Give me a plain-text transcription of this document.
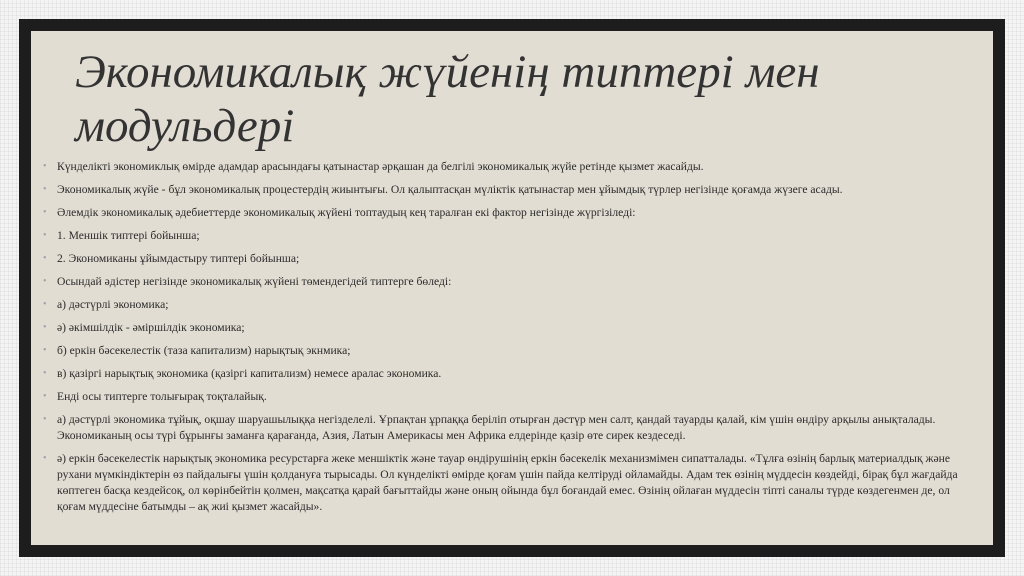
Экономикалық жүйенің типтері мен модульдері
• Күнделікті экономиклық өмірде адамдар арасындағы қатынастар әрқашан да белгілі экономикалық жүйе ретінде қызмет жасайды.
• Экономикалық жүйе - бұл экономикалық процестердің жиынтығы. Ол қалыптасқан мүліктік қатынастар мен ұйымдық түрлер негізінде қоғамда жүзеге асады.
• Әлемдік экономикалық әдебиеттерде экономикалық жүйені топтаудың кең таралған екі фактор негізінде жүргізіледі:
• 1. Меншік типтері бойынша;
• 2. Экономиканы ұйымдастыру типтері бойынша;
• Осындай әдістер негізінде экономикалық жүйені төмендегідей типтерге бөледі:
• а) дәстүрлі экономика;
• ә) әкімшілдік - әміршілдік экономика;
• б) еркін бәсекелестік (таза капитализм) нарықтық экнмика;
• в) қазіргі нарықтық экономика (қазіргі капитализм) немесе аралас экономика.
• Енді осы типтерге толығырақ тоқталайық.
• а) дәстүрлі экономика тұйық, оқшау шаруашылыққа негізделелі. Ұрпақтан ұрпаққа беріліп отырған дәстүр мен салт, қандай тауарды қалай, кім үшін өндіру арқылы анықталады. Экономиканың осы түрі бұрынғы заманға қарағанда, Азия, Латын Америкасы мен Африка елдерінде қазір өте сирек кездеседі.
• ә) еркін бәсекелестік нарықтық экономика ресурстарға жеке меншіктік және тауар өндірушінің еркін бәсекелік механизмімен сипатталады. «Тұлға өзінің барлық материалдық және рухани мүмкіндіктерін өз пайдалығы үшін қолдануға тырысады. Ол күнделікті өмірде қоғам үшін пайда келтіруді ойламайды. Адам тек өзінің мүддесін көздейді, бірақ бұл жағдайда көптеген басқа кездейсоқ, ол көрінбейтін қолмен, мақсатқа қарай бағыттайды және оның ойында бұл боғандай емес. Өзінің ойлаған мүддесін тіпті саналы түрде көздегенмен де, ол қоғам мүддесіне батымды – ақ жиі қызмет жасайды».
